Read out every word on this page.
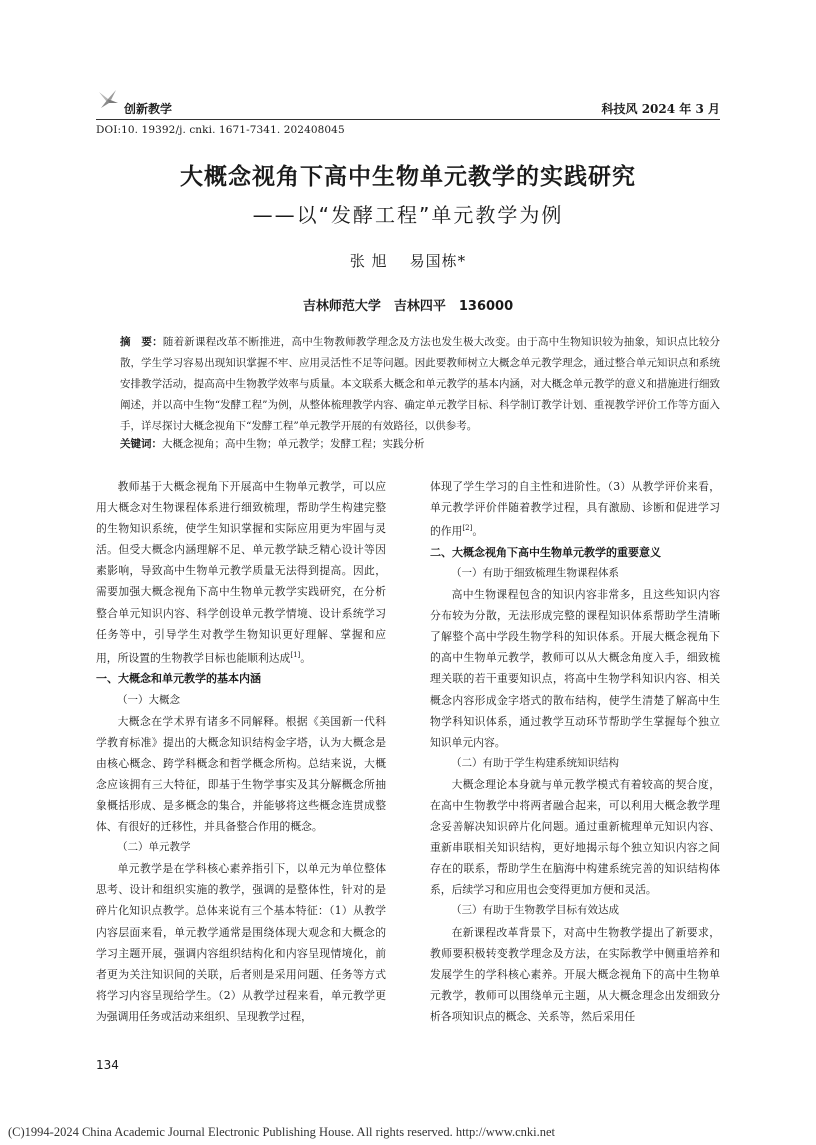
创新教学	科技风 2024 年 3 月
DOI:10. 19392/j. cnki. 1671-7341. 202408045
大概念视角下高中生物单元教学的实践研究
——以“发酵工程”单元教学为例
张 旭 易国栋*
吉林师范大学　吉林四平　136000
摘　要：随着新课程改革不断推进，高中生物教师教学理念及方法也发生极大改变。由于高中生物知识较为抽象，知识点比较分散，学生学习容易出现知识掌握不牢、应用灵活性不足等问题。因此要教师树立大概念单元教学理念，通过整合单元知识点和系统安排教学活动，提高高中生物教学效率与质量。本文联系大概念和单元教学的基本内涵，对大概念单元教学的意义和措施进行细致阐述，并以高中生物“发酵工程”为例，从整体梳理教学内容、确定单元教学目标、科学制订教学计划、重视教学评价工作等方面入手，详尽探讨大概念视角下“发酵工程”单元教学开展的有效路径，以供参考。
关键词：大概念视角；高中生物；单元教学；发酵工程；实践分析

教师基于大概念视角下开展高中生物单元教学，可以应用大概念对生物课程体系进行细致梳理，帮助学生构建完整的生物知识系统，使学生知识掌握和实际应用更为牢固与灵活。但受大概念内涵理解不足、单元教学缺乏精心设计等因素影响，导致高中生物单元教学质量无法得到提高。因此，需要加强大概念视角下高中生物单元教学实践研究，在分析整合单元知识内容、科学创设单元教学情境、设计系统学习任务等中，引导学生对教学生物知识更好理解、掌握和应用，所设置的生物教学目标也能顺利达成[1]。

一、大概念和单元教学的基本内涵
（一）大概念

大概念在学术界有诸多不同解释。根据《美国新一代科学教育标准》提出的大概念知识结构金字塔，认为大概念是由核心概念、跨学科概念和哲学概念所构。总结来说，大概念应该拥有三大特征，即基于生物学事实及其分解概念所抽象概括形成、是多概念的集合，并能够将这些概念连贯成整体、有很好的迁移性，并具备整合作用的概念。

（二）单元教学

单元教学是在学科核心素养指引下，以单元为单位整体思考、设计和组织实施的教学，强调的是整体性，针对的是碎片化知识点教学。总体来说有三个基本特征：（1）从教学内容层面来看，单元教学通常是围绕体现大观念和大概念的学习主题开展，强调内容组织结构化和内容呈现情境化，前者更为关注知识间的关联，后者则是采用问题、任务等方式将学习内容呈现给学生。（2）从教学过程来看，单元教学更为强调用任务或活动来组织、呈现教学过程，

体现了学生学习的自主性和进阶性。（3）从教学评价来看，单元教学评价伴随着教学过程，具有激励、诊断和促进学习的作用[2]。

二、大概念视角下高中生物单元教学的重要意义
（一）有助于细致梳理生物课程体系

高中生物课程包含的知识内容非常多，且这些知识内容分布较为分散，无法形成完整的课程知识体系帮助学生清晰了解整个高中学段生物学科的知识体系。开展大概念视角下的高中生物单元教学，教师可以从大概念角度入手，细致梳理关联的若干重要知识点，将高中生物学科知识内容、相关概念内容形成金字塔式的散布结构，使学生清楚了解高中生物学科知识体系，通过教学互动环节帮助学生掌握每个独立知识单元内容。

（二）有助于学生构建系统知识结构

大概念理论本身就与单元教学模式有着较高的契合度，在高中生物教学中将两者融合起来，可以利用大概念教学理念妥善解决知识碎片化问题。通过重新梳理单元知识内容、重新串联相关知识结构，更好地揭示每个独立知识内容之间存在的联系，帮助学生在脑海中构建系统完善的知识结构体系，后续学习和应用也会变得更加方便和灵活。

（三）有助于生物教学目标有效达成

在新课程改革背景下，对高中生物教学提出了新要求，教师要积极转变教学理念及方法，在实际教学中侧重培养和发展学生的学科核心素养。开展大概念视角下的高中生物单元教学，教师可以围绕单元主题，从大概念理念出发细致分析各项知识点的概念、关系等，然后采用任

134
(C)1994-2024 China Academic Journal Electronic Publishing House. All rights reserved. http://www.cnki.net
